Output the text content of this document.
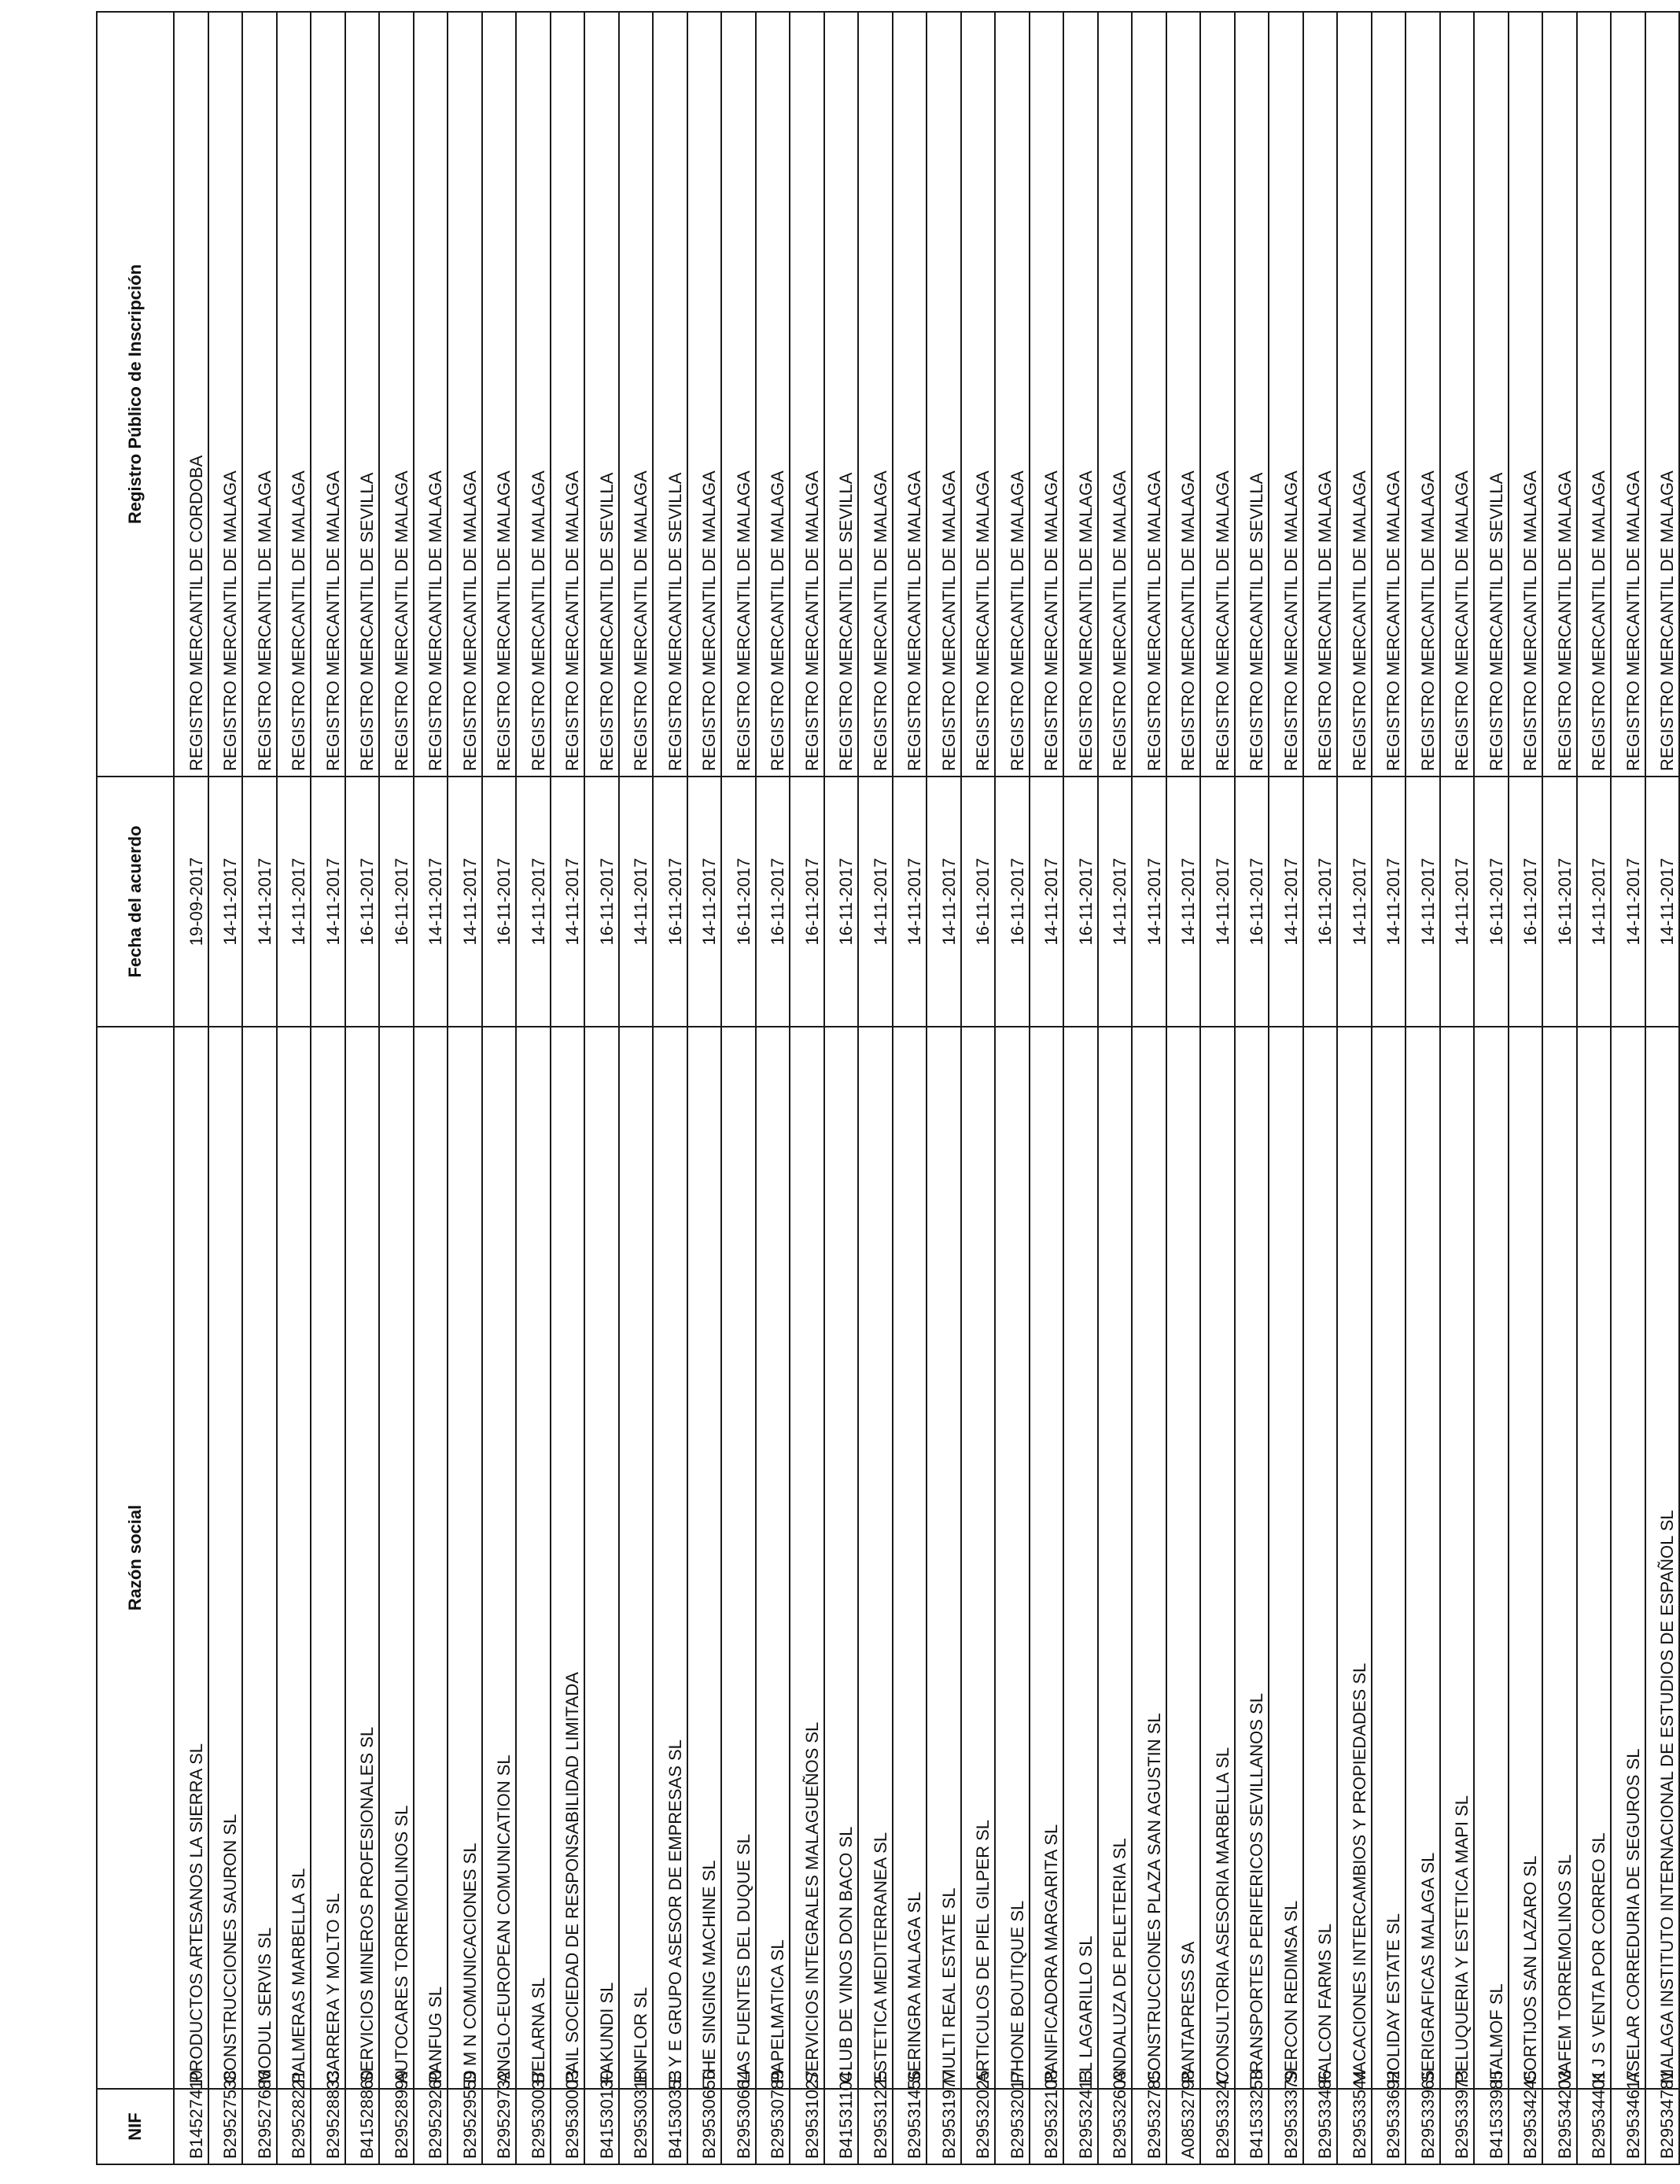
NIF	Razón social	Fecha del acuerdo	Registro Público de Inscripción
B14527410	PRODUCTOS ARTESANOS LA SIERRA SL	19-09-2017	REGISTRO MERCANTIL DE CORDOBA
B29527538	CONSTRUCCIONES SAURON SL	14-11-2017	REGISTRO MERCANTIL DE MALAGA
B29527686	MODUL SERVIS SL	14-11-2017	REGISTRO MERCANTIL DE MALAGA
B29528221	PALMERAS MARBELLA SL	14-11-2017	REGISTRO MERCANTIL DE MALAGA
B29528833	CARRERA Y MOLTO SL	14-11-2017	REGISTRO MERCANTIL DE MALAGA
B41528860	SERVICIOS MINEROS PROFESIONALES SL	16-11-2017	REGISTRO MERCANTIL DE SEVILLA
B29528999	AUTOCARES TORREMOLINOS SL	16-11-2017	REGISTRO MERCANTIL DE MALAGA
B29529260	PANFUG SL	14-11-2017	REGISTRO MERCANTIL DE MALAGA
B29529559	D M N COMUNICACIONES SL	14-11-2017	REGISTRO MERCANTIL DE MALAGA
B29529732	ANGLO-EUROPEAN COMUNICATION SL	16-11-2017	REGISTRO MERCANTIL DE MALAGA
B29530037	BELARNA SL	14-11-2017	REGISTRO MERCANTIL DE MALAGA
B29530003	PAIL SOCIEDAD DE RESPONSABILIDAD LIMITADA	14-11-2017	REGISTRO MERCANTIL DE MALAGA
B41530130	FAKUNDI SL	16-11-2017	REGISTRO MERCANTIL DE SEVILLA
B29530318	ENFLOR SL	14-11-2017	REGISTRO MERCANTIL DE MALAGA
B41530353	E Y E GRUPO ASESOR DE EMPRESAS SL	16-11-2017	REGISTRO MERCANTIL DE SEVILLA
B29530656	THE SINGING MACHINE SL	14-11-2017	REGISTRO MERCANTIL DE MALAGA
B29530664	LAS FUENTES DEL DUQUE SL	16-11-2017	REGISTRO MERCANTIL DE MALAGA
B29530789	PAPELMATICA SL	16-11-2017	REGISTRO MERCANTIL DE MALAGA
B29531027	SERVICIOS INTEGRALES MALAGUEÑOS SL	16-11-2017	REGISTRO MERCANTIL DE MALAGA
B41531104	CLUB DE VINOS DON BACO SL	16-11-2017	REGISTRO MERCANTIL DE SEVILLA
B29531225	ESTETICA MEDITERRANEA SL	14-11-2017	REGISTRO MERCANTIL DE MALAGA
B29531456	SERINGRA MALAGA SL	14-11-2017	REGISTRO MERCANTIL DE MALAGA
B29531977	MULTI REAL ESTATE SL	14-11-2017	REGISTRO MERCANTIL DE MALAGA
B29532025	ARTICULOS DE PIEL GILPER SL	16-11-2017	REGISTRO MERCANTIL DE MALAGA
B29532017	PHONE BOUTIQUE SL	16-11-2017	REGISTRO MERCANTIL DE MALAGA
B29532108	PANIFICADORA MARGARITA SL	14-11-2017	REGISTRO MERCANTIL DE MALAGA
B29532413	EL LAGARILLO SL	16-11-2017	REGISTRO MERCANTIL DE MALAGA
B29532603	ANDALUZA DE PELETERIA SL	14-11-2017	REGISTRO MERCANTIL DE MALAGA
B29532785	CONSTRUCCIONES PLAZA SAN AGUSTIN SL	14-11-2017	REGISTRO MERCANTIL DE MALAGA
A08532798	PANTAPRESS SA	14-11-2017	REGISTRO MERCANTIL DE MALAGA
B29533247	CONSULTORIA ASESORIA MARBELLA SL	14-11-2017	REGISTRO MERCANTIL DE MALAGA
B41533258	TRANSPORTES PERIFERICOS SEVILLANOS SL	16-11-2017	REGISTRO MERCANTIL DE SEVILLA
B29533379	SERCON REDIMSA SL	14-11-2017	REGISTRO MERCANTIL DE MALAGA
B29533486	FALCON FARMS SL	16-11-2017	REGISTRO MERCANTIL DE MALAGA
B29533544	VACACIONES INTERCAMBIOS Y PROPIEDADES SL	14-11-2017	REGISTRO MERCANTIL DE MALAGA
B29533692	HOLIDAY ESTATE SL	14-11-2017	REGISTRO MERCANTIL DE MALAGA
B29533965	SERIGRAFICAS MALAGA SL	14-11-2017	REGISTRO MERCANTIL DE MALAGA
B29533973	PELUQUERIA Y ESTETICA MAPI SL	14-11-2017	REGISTRO MERCANTIL DE MALAGA
B41533985	ITALMOF SL	16-11-2017	REGISTRO MERCANTIL DE SEVILLA
B29534245	CORTIJOS SAN LAZARO SL	16-11-2017	REGISTRO MERCANTIL DE MALAGA
B29534203	VAFEM TORREMOLINOS SL	16-11-2017	REGISTRO MERCANTIL DE MALAGA
B29534401	K J S VENTA POR CORREO SL	14-11-2017	REGISTRO MERCANTIL DE MALAGA
B29534617	ASELAR CORREDURIA DE SEGUROS SL	14-11-2017	REGISTRO MERCANTIL DE MALAGA
B29534781	MALAGA INSTITUTO INTERNACIONAL DE ESTUDIOS DE ESPAÑOL SL	14-11-2017	REGISTRO MERCANTIL DE MALAGA
